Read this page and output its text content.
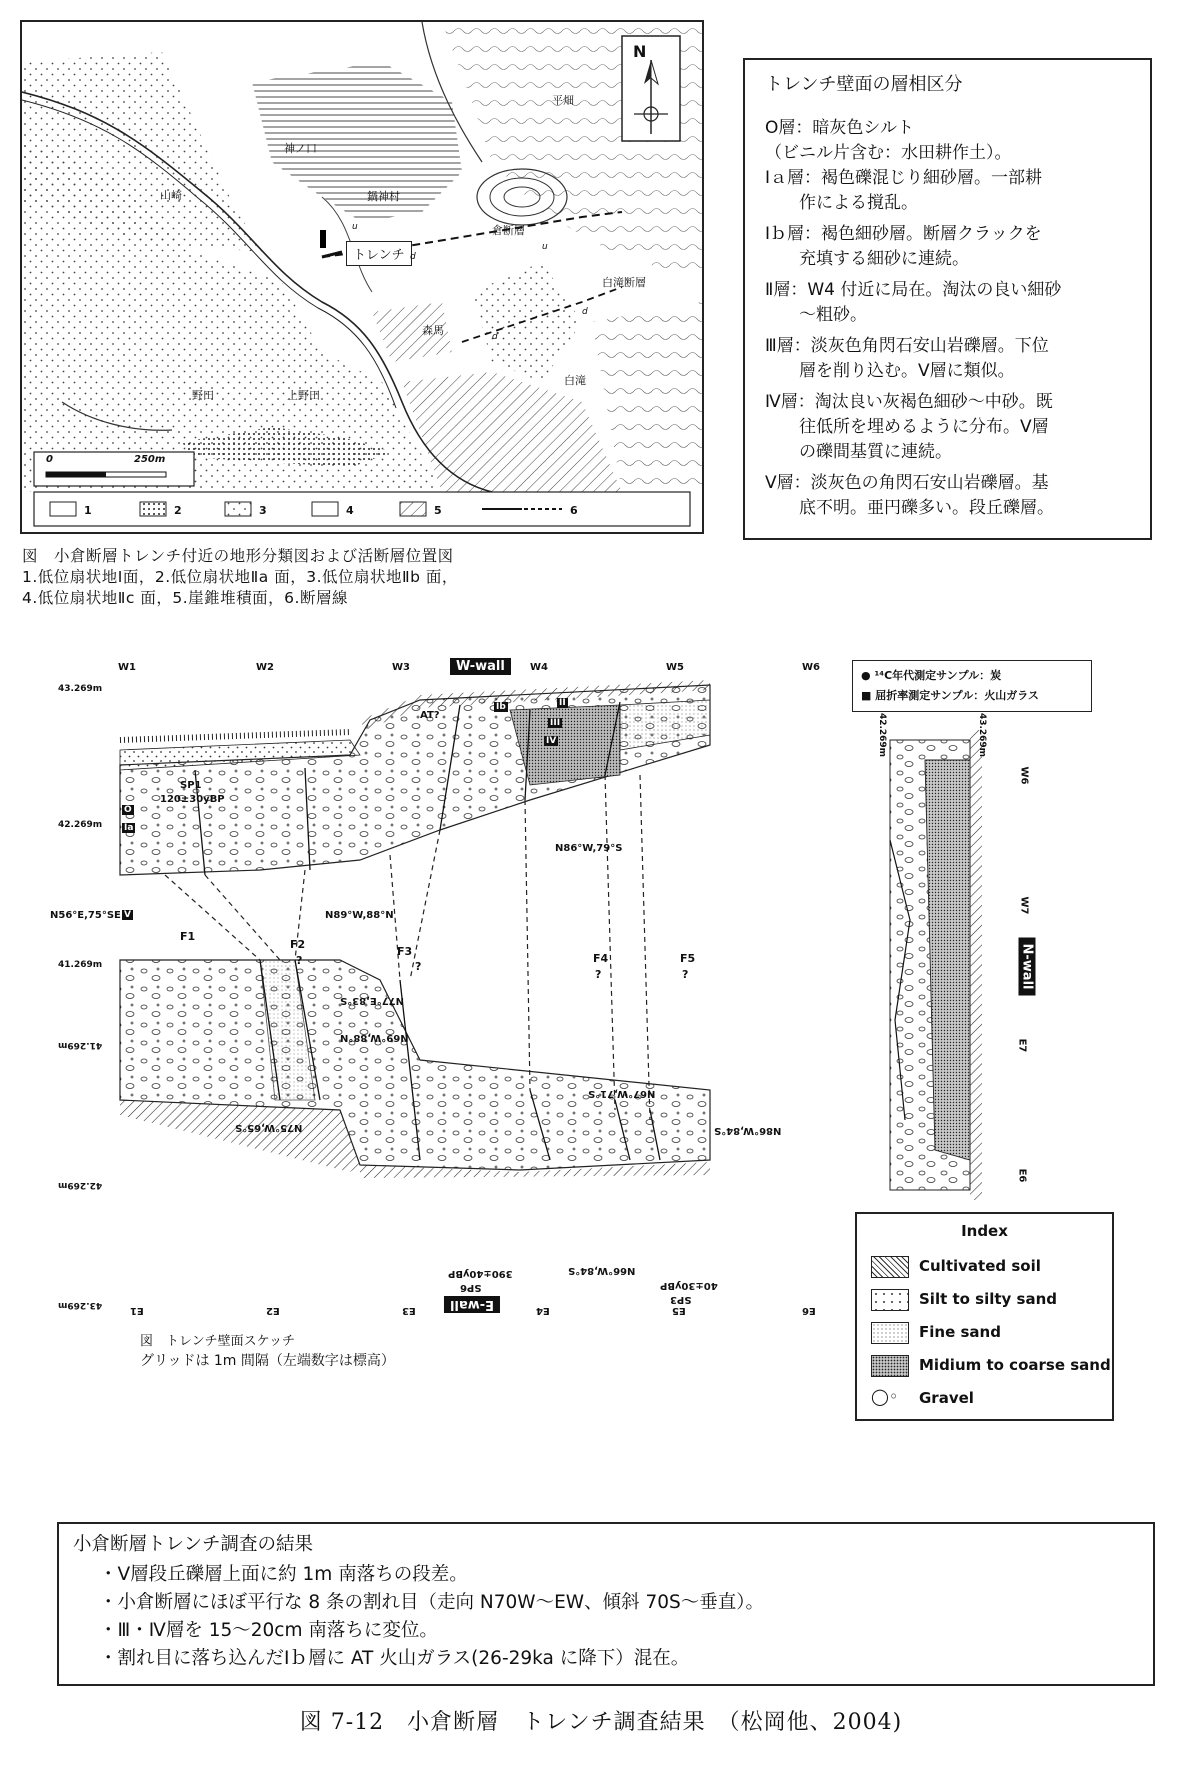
N
平畑
神ノ口
鍋神村
倉断層
白滝断層
山崎
森馬
野田	上野田
白滝
トレンチ
0	250m
1	2	3	4	5	6
u
d
u
d
d
トレンチ壁面の層相区分
O層：暗灰色シルト
（ビニル片含む：水田耕作土）。
Ⅰａ層：褐色礫混じり細砂層。一部耕
　　作による撹乱。
Ⅰｂ層：褐色細砂層。断層クラックを
　　充填する細砂に連続。
Ⅱ層：W4 付近に局在。淘汰の良い細砂
　　～粗砂。
Ⅲ層：淡灰色角閃石安山岩礫層。下位
　　層を削り込む。Ⅴ層に類似。
Ⅳ層：淘汰良い灰褐色細砂～中砂。既
　　往低所を埋めるように分布。Ⅴ層
　　の礫間基質に連続。
Ⅴ層：淡灰色の角閃石安山岩礫層。基
　　底不明。亜円礫多い。段丘礫層。
図　小倉断層トレンチ付近の地形分類図および活断層位置図
1.低位扇状地Ⅰ面，2.低位扇状地Ⅱa 面，3.低位扇状地Ⅱb 面，
4.低位扇状地Ⅱc 面，5.崖錐堆積面，6.断層線
W1	W2	W3	W4	W5	W6
W-wall
43.269m
42.269m
41.269m
41.269m
42.269m
43.269m
AT?
SP1
120±30yBP
N56°E,75°SE	N89°W,88°N
N86°W,79°S
F1
F2
?
F3
?
F4
?
F5
?
N77°E,83°S
N69°W,88°N
N75°W,65°S
N67°W,71°S
N86°W,84°S
N66°W,84°S
390±40yBP
SP6	40±30yBP
SP3
E1	E2	E3	E4	E5	E6
E-wall
O
Ia
V
Ib	II
III
IV
図　トレンチ壁面スケッチ
グリッドは 1m 間隔（左端数字は標高）
● ¹⁴C年代測定サンプル：炭
■ 屈折率測定サンプル：火山ガラス
42.269m	43.269m
W6
W7
E7
E6
N-wall
Index
Cultivated soil
Silt to silty sand
Fine sand
Midium to coarse sand
◯◦	Gravel
小倉断層トレンチ調査の結果
・Ⅴ層段丘礫層上面に約 1m 南落ちの段差。
・小倉断層にほぼ平行な 8 条の割れ目（走向 N70W～EW、傾斜 70S～垂直）。
・Ⅲ・Ⅳ層を 15～20cm 南落ちに変位。
・割れ目に落ち込んだⅠｂ層に AT 火山ガラス(26-29ka に降下）混在。
図 7-12　小倉断層　トレンチ調査結果　（松岡他、2004)
